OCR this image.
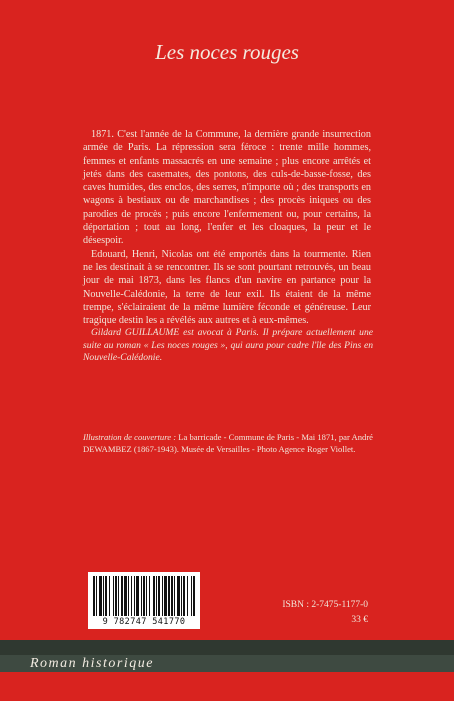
Les noces rouges

1871. C'est l'année de la Commune, la dernière grande insurrection armée de Paris. La répression sera féroce : trente mille hommes, femmes et enfants massacrés en une semaine ; plus encore arrêtés et jetés dans des casemates, des pontons, des culs-de-basse-fosse, des caves humides, des enclos, des serres, n'importe où ; des transports en wagons à bestiaux ou de marchandises ; des procès iniques ou des parodies de procès ; puis encore l'enfermement ou, pour certains, la déportation ; tout au long, l'enfer et les cloaques, la peur et le désespoir.

Edouard, Henri, Nicolas ont été emportés dans la tourmente. Rien ne les destinait à se rencontrer. Ils se sont pourtant retrouvés, un beau jour de mai 1873, dans les flancs d'un navire en partance pour la Nouvelle-Calédonie, la terre de leur exil. Ils étaient de la même trempe, s'éclairaient de la même lumière féconde et généreuse. Leur tragique destin les a révélés aux autres et à eux-mêmes.

Gildard GUILLAUME est avocat à Paris. Il prépare actuellement une suite au roman « Les noces rouges », qui aura pour cadre l'île des Pins en Nouvelle-Calédonie.
Illustration de couverture : La barricade - Commune de Paris - Mai 1871, par André DEWAMBEZ (1867-1943). Musée de Versailles - Photo Agence Roger Viollet.
9 782747 541770
ISBN : 2-7475-1177-0
33 €
Roman historique
